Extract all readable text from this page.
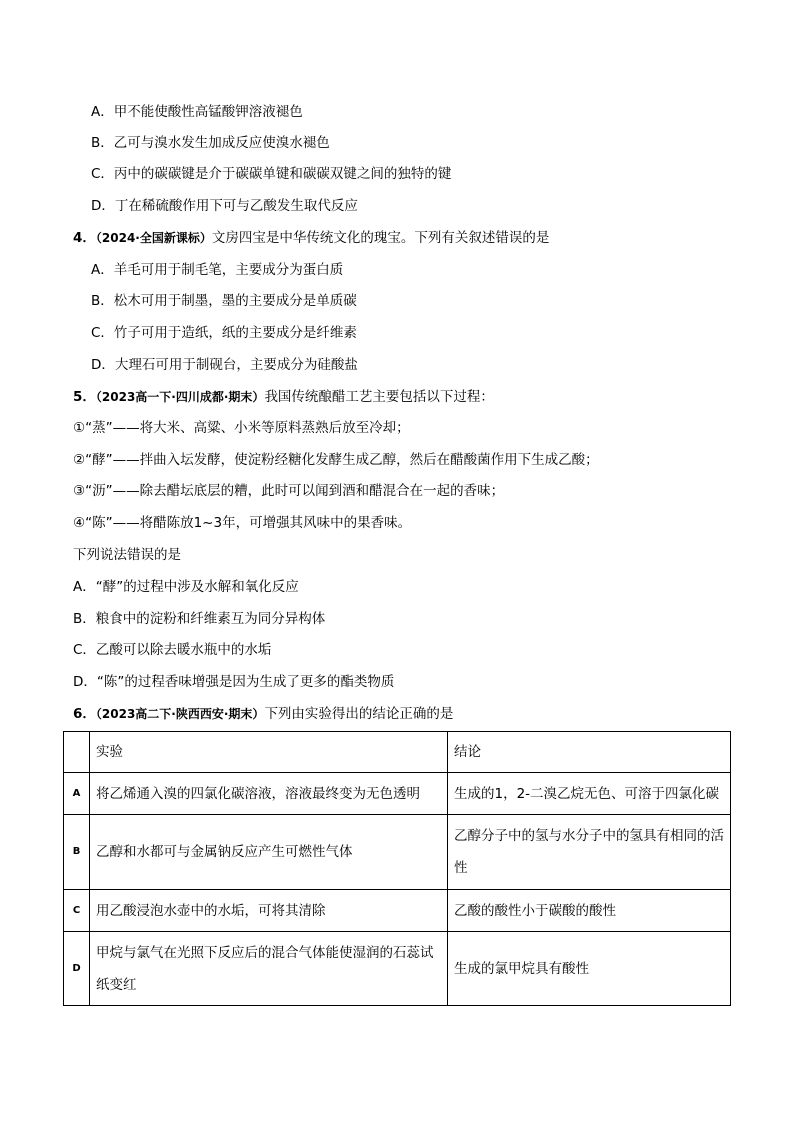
A．甲不能使酸性高锰酸钾溶液褪色
B．乙可与溴水发生加成反应使溴水褪色
C．丙中的碳碳键是介于碳碳单键和碳碳双键之间的独特的键
D．丁在稀硫酸作用下可与乙酸发生取代反应
4．（2024·全国新课标）文房四宝是中华传统文化的瑰宝。下列有关叙述错误的是
A．羊毛可用于制毛笔，主要成分为蛋白质
B．松木可用于制墨，墨的主要成分是单质碳
C．竹子可用于造纸，纸的主要成分是纤维素
D．大理石可用于制砚台，主要成分为硅酸盐
5．（2023高一下·四川成都·期末）我国传统酿醋工艺主要包括以下过程：
①“蒸”——将大米、高粱、小米等原料蒸熟后放至冷却；
②“酵”——拌曲入坛发酵，使淀粉经糖化发酵生成乙醇，然后在醋酸菌作用下生成乙酸；
③“沥”——除去醋坛底层的糟，此时可以闻到酒和醋混合在一起的香味；
④“陈”——将醋陈放1~3年，可增强其风味中的果香味。
下列说法错误的是
A．“酵”的过程中涉及水解和氧化反应
B．粮食中的淀粉和纤维素互为同分异构体
C．乙酸可以除去暖水瓶中的水垢
D．“陈”的过程香味增强是因为生成了更多的酯类物质
6．（2023高二下·陕西西安·期末）下列由实验得出的结论正确的是
	实验	结论
A	将乙烯通入溴的四氯化碳溶液，溶液最终变为无色透明	生成的1，2-二溴乙烷无色、可溶于四氯化碳
B	乙醇和水都可与金属钠反应产生可燃性气体	乙醇分子中的氢与水分子中的氢具有相同的活性
C	用乙酸浸泡水壶中的水垢，可将其清除	乙酸的酸性小于碳酸的酸性
D	甲烷与氯气在光照下反应后的混合气体能使湿润的石蕊试纸变红	生成的氯甲烷具有酸性
